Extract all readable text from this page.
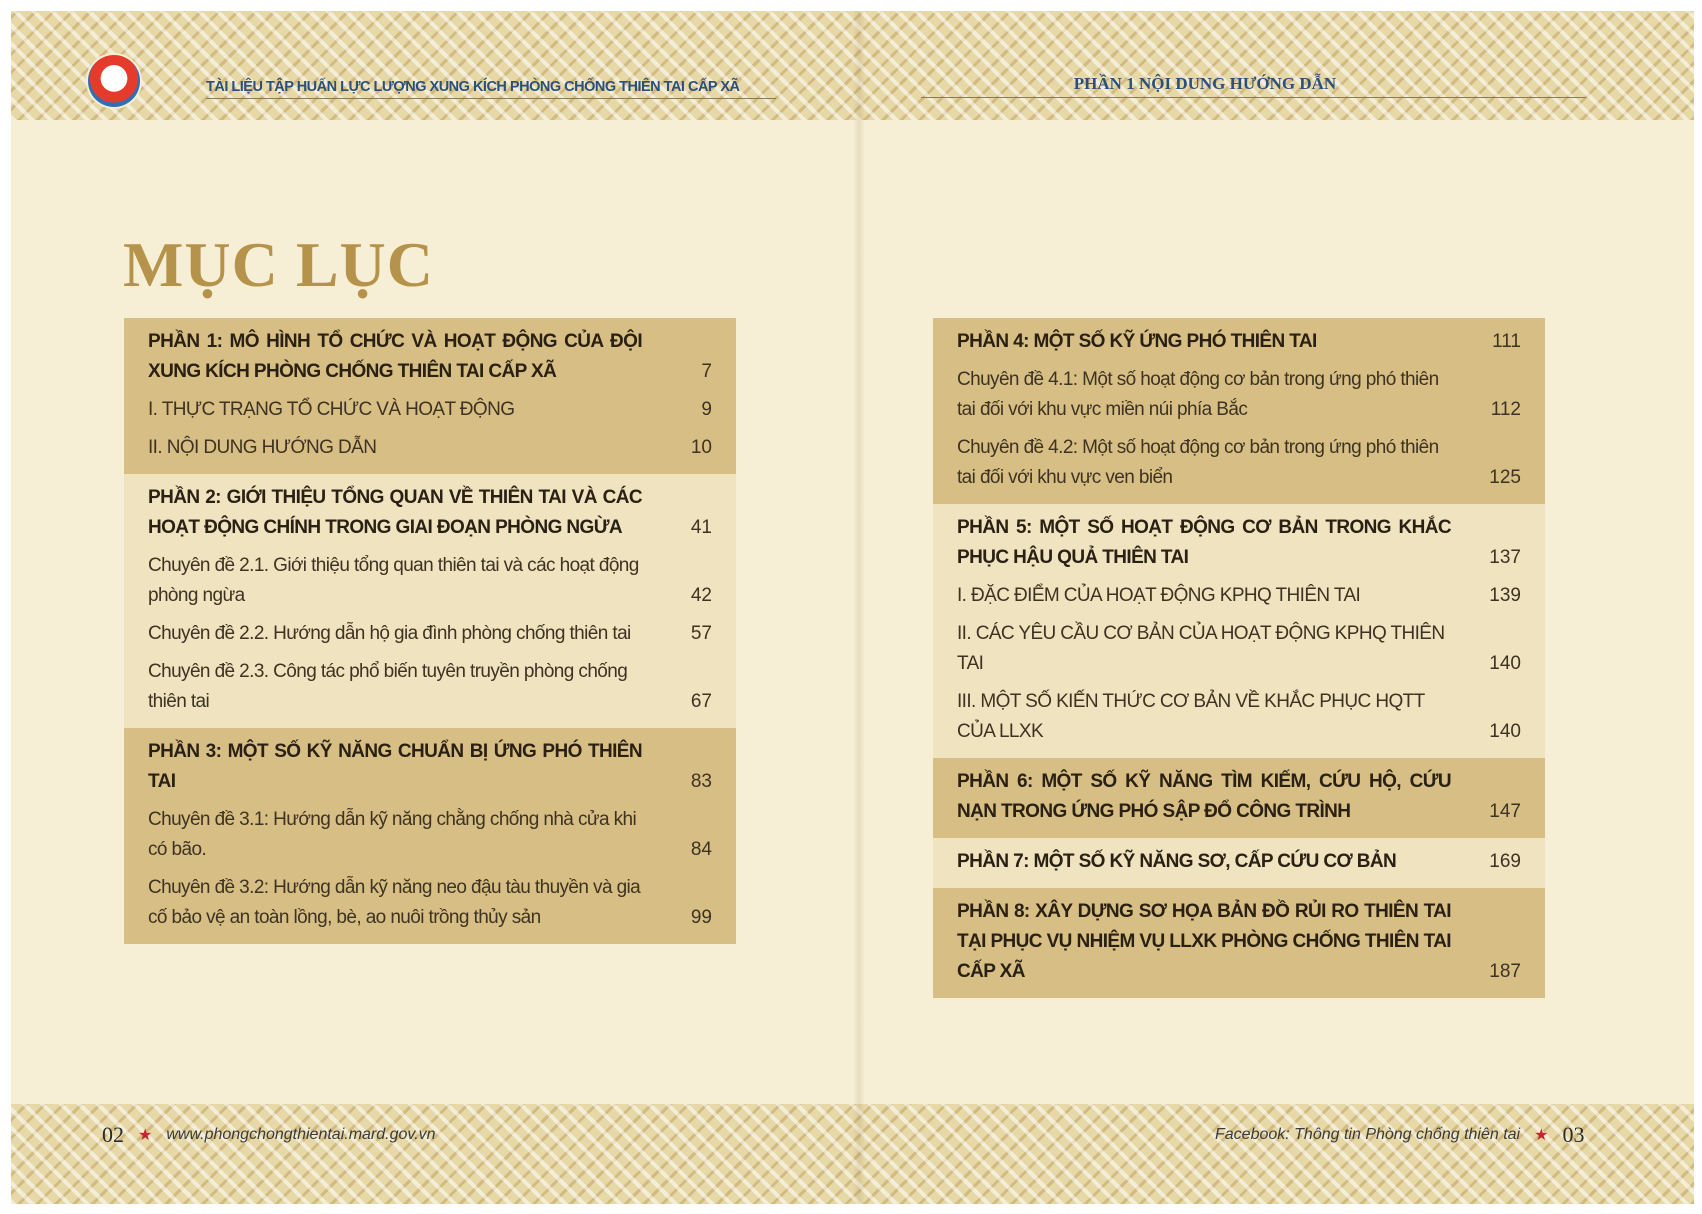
TÀI LIỆU TẬP HUẤN LỰC LƯỢNG XUNG KÍCH PHÒNG CHỐNG THIÊN TAI CẤP XÃ	PHẦN 1 NỘI DUNG HƯỚNG DẪN
MỤC LỤC
PHẦN 1: MÔ HÌNH TỔ CHỨC VÀ HOẠT ĐỘNG CỦA ĐỘI XUNG KÍCH PHÒNG CHỐNG THIÊN TAI CẤP XÃ	7
I. THỰC TRẠNG TỔ CHỨC VÀ HOẠT ĐỘNG	9
II. NỘI DUNG HƯỚNG DẪN	10
PHẦN 2: GIỚI THIỆU TỔNG QUAN VỀ THIÊN TAI VÀ CÁC HOẠT ĐỘNG CHÍNH TRONG GIAI ĐOẠN PHÒNG NGỪA	41
Chuyên đề 2.1. Giới thiệu tổng quan thiên tai và các hoạt động phòng ngừa	42
Chuyên đề 2.2. Hướng dẫn hộ gia đình phòng chống thiên tai	57
Chuyên đề 2.3. Công tác phổ biến tuyên truyền phòng chống thiên tai	67
PHẦN 3: MỘT SỐ KỸ NĂNG CHUẨN BỊ ỨNG PHÓ THIÊN TAI	83
Chuyên đề 3.1: Hướng dẫn kỹ năng chằng chống nhà cửa khi có bão.	84
Chuyên đề 3.2: Hướng dẫn kỹ năng neo đậu tàu thuyền và gia cố bảo vệ an toàn lồng, bè, ao nuôi trồng thủy sản	99
PHẦN 4: MỘT SỐ KỸ ỨNG PHÓ THIÊN TAI	111
Chuyên đề 4.1: Một số hoạt động cơ bản trong ứng phó thiên tai đối với khu vực miền núi phía Bắc	112
Chuyên đề 4.2: Một số hoạt động cơ bản trong ứng phó thiên tai đối với khu vực ven biển	125
PHẦN 5: MỘT SỐ HOẠT ĐỘNG CƠ BẢN TRONG KHẮC PHỤC HẬU QUẢ THIÊN TAI	137
I. ĐẶC ĐIỂM CỦA HOẠT ĐỘNG KPHQ THIÊN TAI	139
II. CÁC YÊU CẦU CƠ BẢN CỦA HOẠT ĐỘNG KPHQ THIÊN TAI	140
III. MỘT SỐ KIẾN THỨC CƠ BẢN VỀ KHẮC PHỤC HQTT CỦA LLXK	140
PHẦN 6: MỘT SỐ KỸ NĂNG TÌM KIẾM, CỨU HỘ, CỨU NẠN TRONG ỨNG PHÓ SẬP ĐỔ CÔNG TRÌNH	147
PHẦN 7: MỘT SỐ KỸ NĂNG SƠ, CẤP CỨU CƠ BẢN	169
PHẦN 8: XÂY DỰNG SƠ HỌA BẢN ĐỒ RỦI RO THIÊN TAI TẠI PHỤC VỤ NHIỆM VỤ LLXK PHÒNG CHỐNG THIÊN TAI CẤP XÃ	187
02 ★ www.phongchongthientai.mard.gov.vn	Facebook: Thông tin Phòng chống thiên tai ★ 03
